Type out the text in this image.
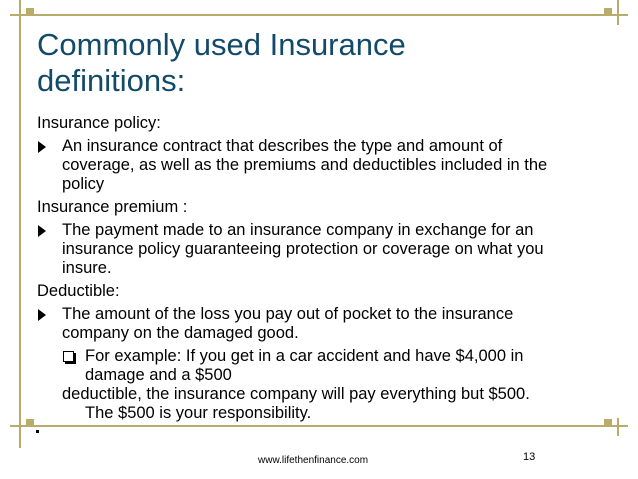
Commonly used Insurance
definitions:

Insurance policy:

An insurance contract that describes the type and amount of
coverage, as well as the premiums and deductibles included in the
policy

Insurance premium :

The payment made to an insurance company in exchange for an
insurance policy guaranteeing protection or coverage on what you
insure.

Deductible:

The amount of the loss you pay out of pocket to the insurance
company on the damaged good.
For example: If you get in a car accident and have $4,000 in
damage and a $500

deductible, the insurance company will pay everything but $500.

The $500 is your responsibility.

13
www.lifethenfinance.com
